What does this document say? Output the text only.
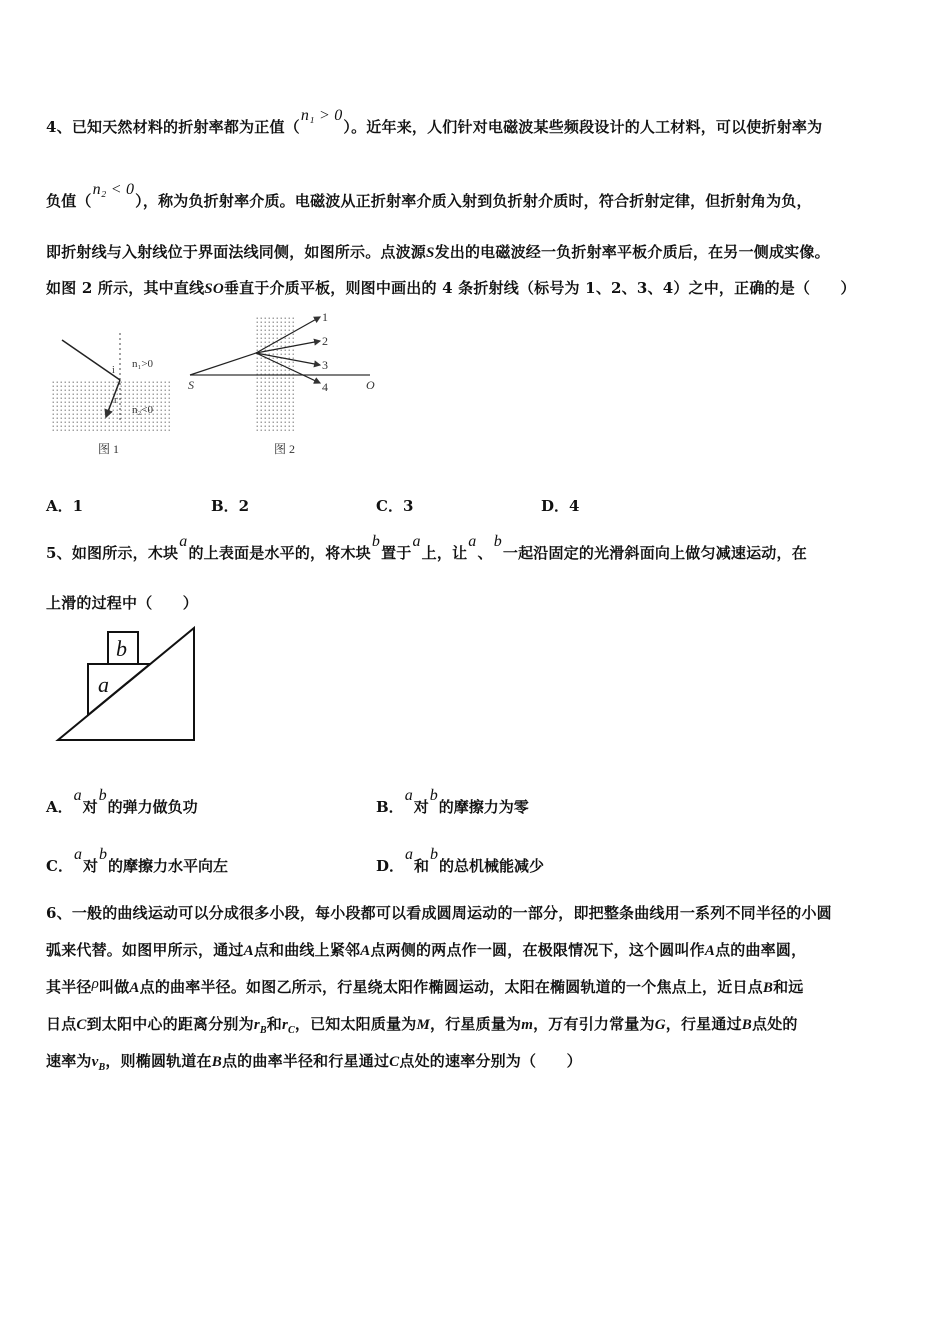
4、已知天然材料的折射率都为正值（n₁ > 0）。近年来，人们针对电磁波某些频段设计的人工材料，可以使折射率为
负值（n₂ < 0），称为负折射率介质。电磁波从正折射率介质入射到负折射介质时，符合折射定律，但折射角为负，
即折射线与入射线位于界面法线同侧，如图所示。点波源S发出的电磁波经一负折射率平板介质后，在另一侧成实像。
如图 2 所示，其中直线SO垂直于介质平板，则图中画出的 4 条折射线（标号为 1、2、3、4）之中，正确的是（　　）
n₁>0
n₂<0
i
r
图 1
S	O
1
2
3
4
图 2
A．1	B．2	C．3	D．4
5、如图所示，木块a的上表面是水平的，将木块b置于a上，让a、b一起沿固定的光滑斜面向上做匀减速运动，在
上滑的过程中（　　）
b
a
A．a对b的弹力做负功	B．a对b的摩擦力为零
C．a对b的摩擦力水平向左	D．a和b的总机械能减少
6、一般的曲线运动可以分成很多小段，每小段都可以看成圆周运动的一部分，即把整条曲线用一系列不同半径的小圆
弧来代替。如图甲所示，通过A点和曲线上紧邻A点两侧的两点作一圆，在极限情况下，这个圆叫作A点的曲率圆，
其半径ρ叫做A点的曲率半径。如图乙所示，行星绕太阳作椭圆运动，太阳在椭圆轨道的一个焦点上，近日点B和远
日点C到太阳中心的距离分别为$r_B$和$r_C$，已知太阳质量为M，行星质量为m，万有引力常量为G，行星通过B点处的
速率为$v_B$，则椭圆轨道在B点的曲率半径和行星通过C点处的速率分别为（　　）
